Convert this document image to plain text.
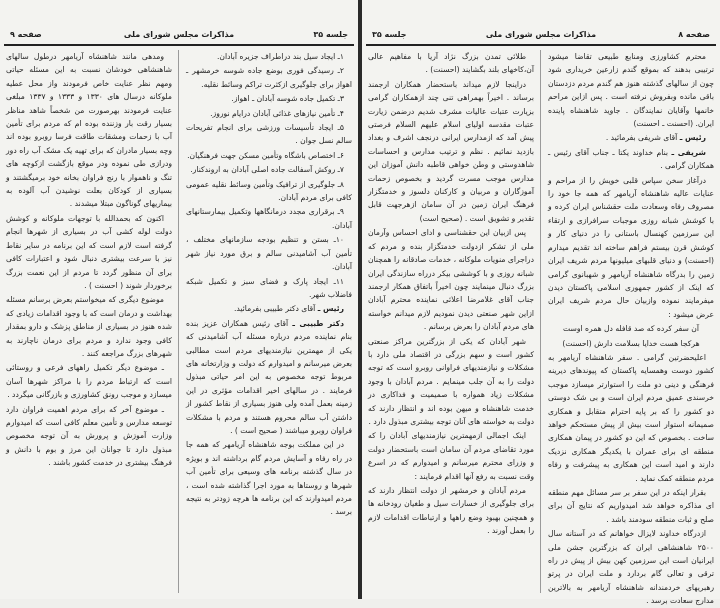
جلسه ۳۵
مذاکرات مجلس شورای ملی
صفحه ۹

۱ـ ایجاد سیل بند دراطراف جزیره آبادان.

۲ـ رسیدگی فوری بوضع جاده شوسه خرمشهر ـ اهواز برای جلوگیری ازکثرت تراکم وسائط نقلیه.

۳ـ تکمیل جاده شوسه آبادان ـ اهواز.

۴ـ تأمین نیازهای غذائی آبادان درایام نوروز.

۵ـ ایجاد تأسیسات ورزشی برای انجام تفریحات سالم نسل جوان .

۶ـ اختصاص باشگاه وتأمین مسکن جهت فرهنگیان.

۷ـ روکش آسفالت جاده اصلی آبادان به اروندکنار.

۸ـ جلوگیری از ترافیک وتأمین وسائط نقلیه عمومی کافی برای مردم آبادان.

۹ـ برقراری مجدد درمانگاهها وتکمیل بیمارستانهای آبادان.

۱۰ـ بستن و تنظیم بودجه سازمانهای مختلف ، تأمین آب آشامیدنی سالم و برق مورد نیاز شهر آبادان.

۱۱ـ ایجاد پارک و فضای سبز و تکمیل شبکه فاضلاب شهر.

رئیس ـ آقای دکتر طبیبی بفرمائید.

دکتر طبیبی ـ آقای رئیس همکاران عزیز بنده بنام نماینده مردم درباره مسئله آب آشامیدنی که یکی از مهمترین نیازمندیهای مردم است مطالبی بعرض میرسانم و امیدوارم که دولت و وزارتخانه های مربوط توجه مخصوص به این امر حیاتی مبذول فرمایند . در سالهای اخیر اقدامات مؤثری در این زمینه بعمل آمده ولی هنوز بسیاری از نقاط کشور از داشتن آب سالم محروم هستند و مردم با مشکلات فراوان روبرو میباشند ( صحیح است ) .

در این مملکت بوجه شاهنشاه آریامهر که همه جا در راه رفاه و آسایش مردم گام برداشته اند و بویژه در سال گذشته برنامه های وسیعی برای تأمین آب شهرها و روستاها به مورد اجرا گذاشته شده است ، مردم امیدوارند که این برنامه ها هرچه زودتر به نتیجه برسد .

ومدهی مانند شاهنشاه آریامهر درطول سالهای شاهنشاهی خودشان نسبت به این مسئله حیاتی ومهم نظر عنایت خاص فرمودند واز محل عطیه ملوکانه درسال های ۱۳۳۰ و ۱۳۳۳ و ۱۳۳۷ مبلغی عنایت فرمودند بهرصورت من شخصاً شاهد مناظر بسیار رقت بار وزننده بوده ام که مردم برای تأمین آب با زحمات ومشقات طاقت فرسا روبرو بوده اند وچه بسیار مادران که برای تهیه یک مشک آب راه دور ودرازی طی نموده ودر موقع بازگشت ازکوچه های تنگ و ناهموار با رنج فراوان بخانه خود برمیگشتند و بسیاری از کودکان بعلت نوشیدن آب آلوده به بیماریهای گوناگون مبتلا میشدند .

اکنون که بحمدالله با توجهات ملوکانه و کوشش دولت لوله کشی آب در بسیاری از شهرها انجام گرفته است لازم است که این برنامه در سایر نقاط نیز با سرعت بیشتری دنبال شود و اعتبارات کافی برای آن منظور گردد تا مردم از این نعمت بزرگ برخوردار شوند ( احسنت ) .

موضوع دیگری که میخواستم بعرض برسانم مسئله بهداشت و درمان است که با وجود اقدامات زیادی که شده هنوز در بسیاری از مناطق پزشک و دارو بمقدار کافی وجود ندارد و مردم برای درمان ناچارند به شهرهای بزرگ مراجعه کنند .

ـ موضوع دیگر تکمیل راههای فرعی و روستائی است که ارتباط مردم را با مراکز شهرها آسان میسازد و موجب رونق کشاورزی و بازرگانی میگردد .

ـ موضوع آخر که برای مردم اهمیت فراوان دارد توسعه مدارس و تأمین معلم کافی است که امیدوارم وزارت آموزش و پرورش به آن توجه مخصوص مبذول دارد تا جوانان این مرز و بوم با دانش و فرهنگ بیشتری در خدمت کشور باشند .

صفحه ۸
مذاکرات مجلس شورای ملی
جلسه ۳۵

محترم کشاورزی ومنابع طبیعی تقاضا میشود ترتیبی بدهند که بموقع گندم زارعین خریداری شود چون از سالهای گذشته هنوز هم گندم مردم دزدستان باقی مانده وبفروش نرفته است . پس ازاین مراحم خانمها وآقایان نمایندگان . جاوید شاهنشاه پاینده ایران. (احسنت ـ احسنت)

رئیس ـ آقای شریفی بفرمائید .

شریفی ـ بنام خداوند یکتا ـ جناب آقای رئیس ـ همکاران گرامی .

درآغاز سخن سپاس قلبی خویش را از مراحم و عنایات عالیه شاهنشاه آریامهر که همه جا خود را مصروف رفاه وسعادت ملت حقشناس ایران کرده و با کوشش شبانه روزی موجبات سرافرازی و ارتقاء این سرزمین کهنسال باستانی را در دنیای کار و کوشش قرن بیستم فراهم ساخته اند تقدیم میدارم (احسنت) و دنیای قلبهای میلیونها مردم شریف ایران زمین را بدرگاه شاهنشاه آریامهر و شهبانوی گرامی که اینک از کشور جمهوری اسلامی پاکستان دیدن میفرمایند نموده وازبیان حال مردم شریف ایران عرض میشود :

آن سفر کرده که صد قافله دل همره اوست

هرکجا هست خدایا بسلامت دارش (احسنت)

اعلیحضرتین گرامی . سفر شاهنشاه آریامهر به کشور دوست وهمسایه پاکستان که پیوندهای دیرینه فرهنگی و دینی دو ملت را استوارتر میسازد موجب خرسندی عمیق مردم ایران است و بی شک دوستی دو کشور را که بر پایه احترام متقابل و همکاری صمیمانه استوار است بیش از پیش مستحکم خواهد ساخت . بخصوص که این دو کشور در پیمان همکاری منطقه ای برای عمران با یکدیگر همکاری نزدیک دارند و امید است این همکاری به پیشرفت و رفاه مردم منطقه کمک نماید .

بقرار اینکه در این سفر بر سر مسائل مهم منطقه ای مذاکره خواهد شد امیدواریم که نتایج آن برای صلح و ثبات منطقه سودمند باشد .

ازدرگاه خداوند لایزال خواهانم که در آستانه سال ۲۵۰۰ شاهنشاهی ایران که بزرگترین جشن ملی ایرانیان است این سرزمین کهن بیش از پیش در راه ترقی و تعالی گام بردارد و ملت ایران در پرتو رهبریهای خردمندانه شاهنشاه آریامهر به بالاترین مدارج سعادت برسد .

طلائی تمدن بزرگ نژاد آریا با مفاهیم عالی آن،کاخهای بلند بگشایند (احسنت) .

دراینجا لازم میداند باستحضار همکاران ارجمند برساند . اخیراً بهمراهی تنی چند ازهمکاران گرامی بزیارت عتبات عالیات مشرف شدیم درضمن زیارت عتبات مقدسه اولیای اسلام علیهم السلام فرصتی پیش آمد که ازمدارس ایرانی درنجف اشرف و بغداد بازدید نمائیم . نظم و ترتیب مدارس و احساسات شاهدوستی و وطن خواهی قاطبه دانش آموزان این مدارس موجب مسرت گردید و بخصوص زحمات آموزگاران و مربیان و کارکنان دلسوز و خدمتگزار فرهنگ ایران زمین در آن سامان ازهرجهت قابل تقدیر و تشویق است . (صحیح است)

پس ازبیان این حقشناسی و ادای احساس وآرمان ملی از تشکر ازدولت خدمتگزار بنده و مردم که دراجرای منویات ملوکانه ، خدمات صادقانه را همچنان شبانه روزی و با کوششی بیکر درراه سازندگی ایران بزرگ دنبال مینمایند چون اخیراً باتفاق همکار ارجمند جناب آقای غلامرضا اعلائی نماینده محترم آبادان ازاین شهر صنعتی دیدن نمودیم لازم میدانم خواسته های مردم آبادان را بعرض برسانم .

شهر آبادان که یکی از بزرگترین مراکز صنعتی کشور است و سهم بزرگی در اقتصاد ملی دارد با مشکلات و نیازمندیهای فراوانی روبرو است که توجه دولت را به آن جلب مینمایم . مردم آبادان با وجود مشکلات زیاد همواره با صمیمیت و فداکاری در خدمت شاهنشاه و میهن بوده اند و انتظار دارند که دولت به خواسته های آنان توجه بیشتری مبذول دارد .

اینک اجمالی ازمهمترین نیازمندیهای آبادان را که مورد تقاضای مردم آن سامان است باستحضار دولت و وزرای محترم میرسانم و امیدوارم که در اسرع وقت نسبت به رفع آنها اقدام فرمایند :

مردم آبادان و خرمشهر از دولت انتظار دارند که برای جلوگیری از خسارات سیل و طغیان رودخانه ها و همچنین بهبود وضع راهها و ارتباطات اقدامات لازم را بعمل آورند .
